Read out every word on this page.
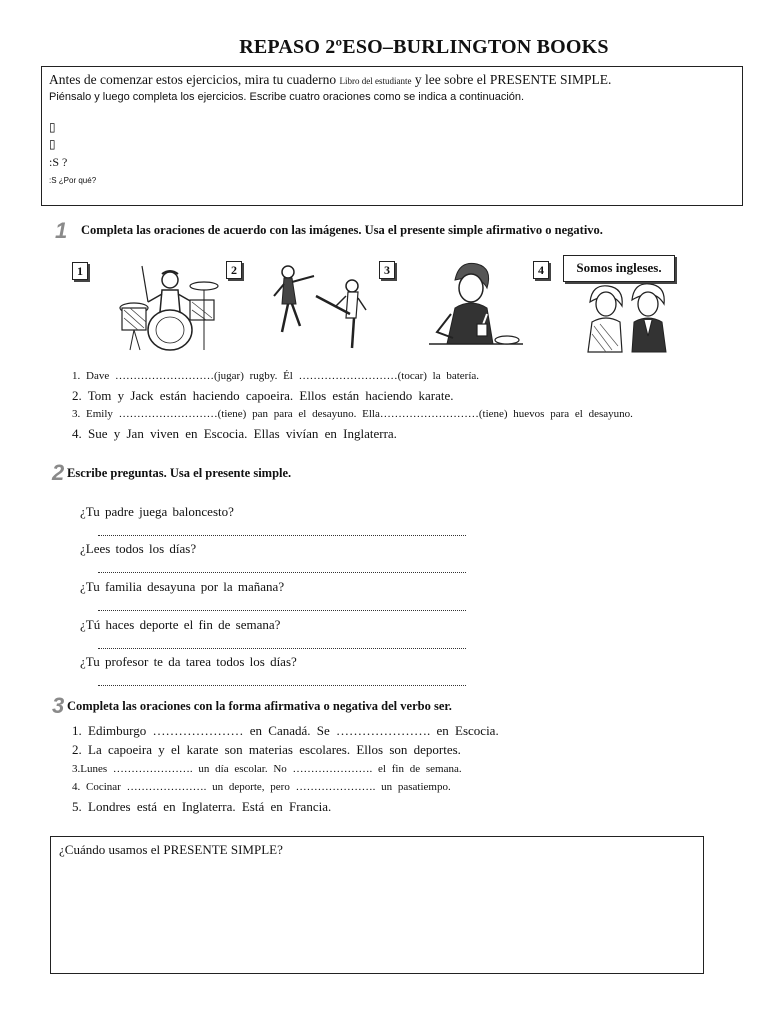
REPASO 2ºESO–BURLINGTON BOOKS
Antes de comenzar estos ejercicios, mira tu cuaderno Libro del estudiante y lee sobre el PRESENTE SIMPLE.
Piénsalo y luego completa los ejercicios. Escribe cuatro oraciones como se indica a continuación.
▯
▯
:S ?
:S ¿Por qué?
1 Completa las oraciones de acuerdo con las imágenes. Usa el presente simple afirmativo o negativo.
1	2	3	4	Somos ingleses.
1. Dave ………………………(jugar) rugby. Él ………………………(tocar) la batería.
2. Tom y Jack están haciendo capoeira. Ellos están haciendo karate.
3. Emily ………………………(tiene) pan para el desayuno. Ella………………………(tiene) huevos para el desayuno.
4. Sue y Jan viven en Escocia. Ellas vivían en Inglaterra.
2 Escribe preguntas. Usa el presente simple.
¿Tu padre juega baloncesto?
¿Lees todos los días?
¿Tu familia desayuna por la mañana?
¿Tú haces deporte el fin de semana?
¿Tu profesor te da tarea todos los días?
3 Completa las oraciones con la forma afirmativa o negativa del verbo ser.
1. Edimburgo ………………… en Canadá. Se …………………. en Escocia.
2. La capoeira y el karate son materias escolares. Ellos son deportes.
3.Lunes …………………. un día escolar. No …………………. el fin de semana.
4. Cocinar …………………. un deporte, pero …………………. un pasatiempo.
5. Londres está en Inglaterra. Está en Francia.
¿Cuándo usamos el PRESENTE SIMPLE?
